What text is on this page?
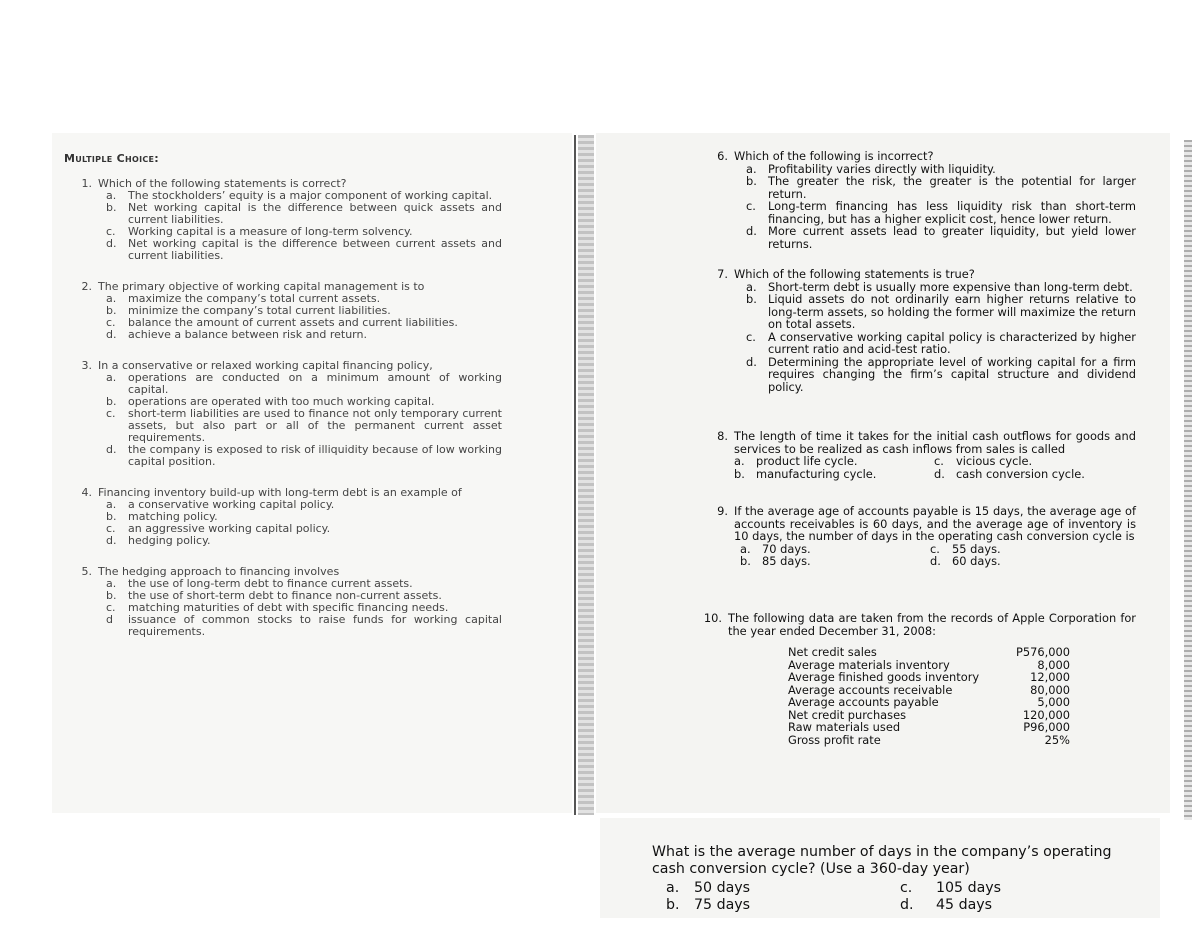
Multiple Choice:
1. Which of the following statements is correct?
a.	The stockholders’ equity is a major component of working capital.
b.	Net working capital is the difference between quick assets and current liabilities.
c.	Working capital is a measure of long-term solvency.
d.	Net working capital is the difference between current assets and current liabilities.
2. The primary objective of working capital management is to
a.	maximize the company’s total current assets.
b.	minimize the company’s total current liabilities.
c.	balance the amount of current assets and current liabilities.
d.	achieve a balance between risk and return.
3. In a conservative or relaxed working capital financing policy,
a.	operations are conducted on a minimum amount of working capital.
b.	operations are operated with too much working capital.
c.	short-term liabilities are used to finance not only temporary current assets, but also part or all of the permanent current asset requirements.
d.	the company is exposed to risk of illiquidity because of low working capital position.
4. Financing inventory build-up with long-term debt is an example of
a.	a conservative working capital policy.
b.	matching policy.
c.	an aggressive working capital policy.
d.	hedging policy.
5. The hedging approach to financing involves
a.	the use of long-term debt to finance current assets.
b.	the use of short-term debt to finance non-current assets.
c.	matching maturities of debt with specific financing needs.
d	issuance of common stocks to raise funds for working capital requirements.
6. Which of the following is incorrect?
a. Profitability varies directly with liquidity.
b. The greater the risk, the greater is the potential for larger return.
c.	Long-term financing has less liquidity risk than short-term financing, but has a higher explicit cost, hence lower return.
d. More current assets lead to greater liquidity, but yield lower returns.
7. Which of the following statements is true?
a. Short-term debt is usually more expensive than long-term debt.
b. Liquid assets do not ordinarily earn higher returns relative to long-term assets, so holding the former will maximize the return on total assets.
c.	A conservative working capital policy is characterized by higher current ratio and acid-test ratio.
d. Determining the appropriate level of working capital for a firm requires changing the firm’s capital structure and dividend policy.
8. The length of time it takes for the initial cash outflows for goods and services to be realized as cash inflows from sales is called
a. product life cycle.
b. manufacturing cycle.
c.	vicious cycle.
d. cash conversion cycle.
9. If the average age of accounts payable is 15 days, the average age of accounts receivables is 60 days, and the average age of inventory is 10 days, the number of days in the operating cash conversion cycle is
a. 70 days.
b. 85 days.
c.	55 days.
d. 60 days.
10. The following data are taken from the records of Apple Corporation for the year ended December 31, 2008:
Net credit sales	P576,000
Average materials inventory	8,000
Average finished goods inventory	12,000
Average accounts receivable	80,000
Average accounts payable	5,000
Net credit purchases	120,000
Raw materials used	P96,000
Gross profit rate	25%
What is the average number of days in the company’s operating cash conversion cycle? (Use a 360-day year)
a.	50 days
b.	75 days
c.	105 days
d.	45 days
